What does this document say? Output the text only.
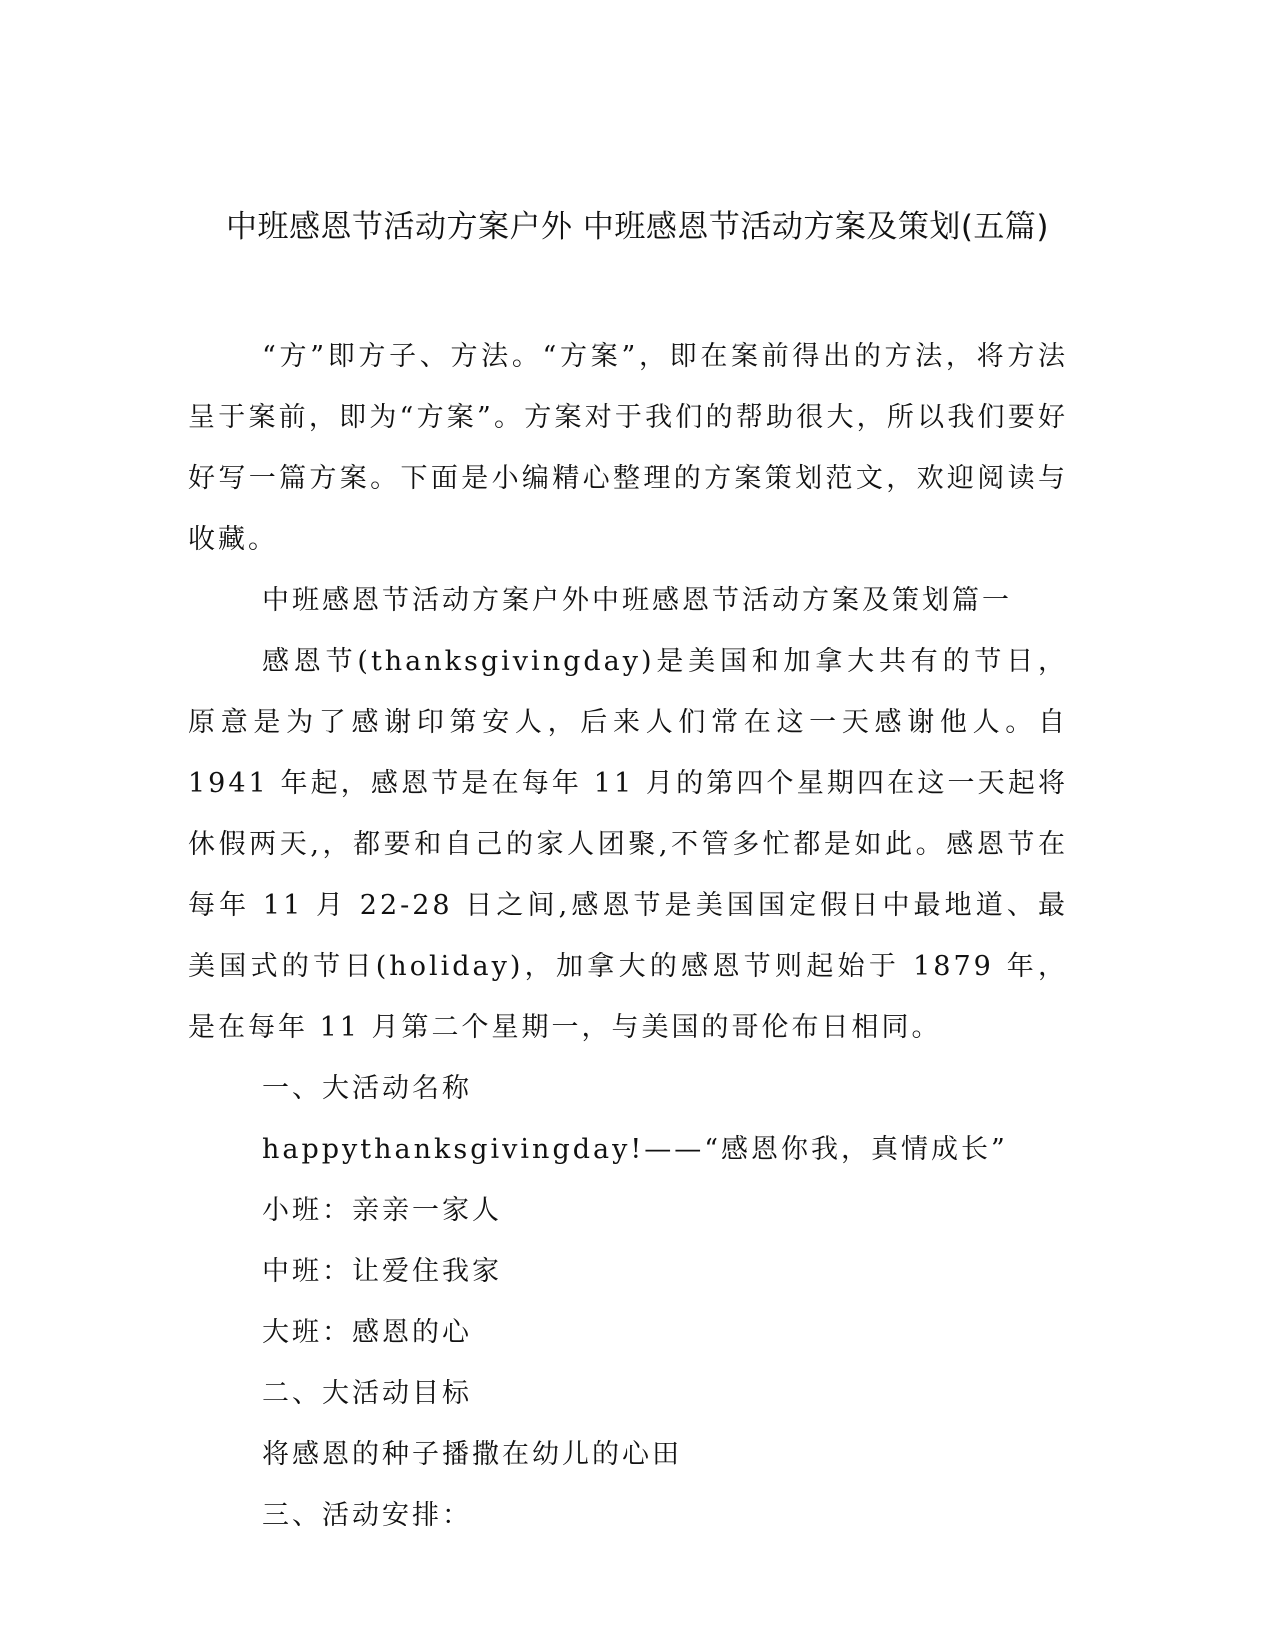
中班感恩节活动方案户外 中班感恩节活动方案及策划(五篇)

“方”即方子、方法。“方案”，即在案前得出的方法，将方法呈于案前，即为“方案”。方案对于我们的帮助很大，所以我们要好好写一篇方案。下面是小编精心整理的方案策划范文，欢迎阅读与收藏。

中班感恩节活动方案户外中班感恩节活动方案及策划篇一

感恩节(thanksgivingday)是美国和加拿大共有的节日，原意是为了感谢印第安人，后来人们常在这一天感谢他人。自 1941 年起，感恩节是在每年 11 月的第四个星期四在这一天起将休假两天,，都要和自己的家人团聚,不管多忙都是如此。感恩节在每年 11 月 22-28 日之间,感恩节是美国国定假日中最地道、最美国式的节日(holiday)，加拿大的感恩节则起始于 1879 年，是在每年 11 月第二个星期一，与美国的哥伦布日相同。

一、大活动名称

happythanksgivingday!——“感恩你我，真情成长”

小班：亲亲一家人

中班：让爱住我家

大班：感恩的心

二、大活动目标

将感恩的种子播撒在幼儿的心田

三、活动安排：
